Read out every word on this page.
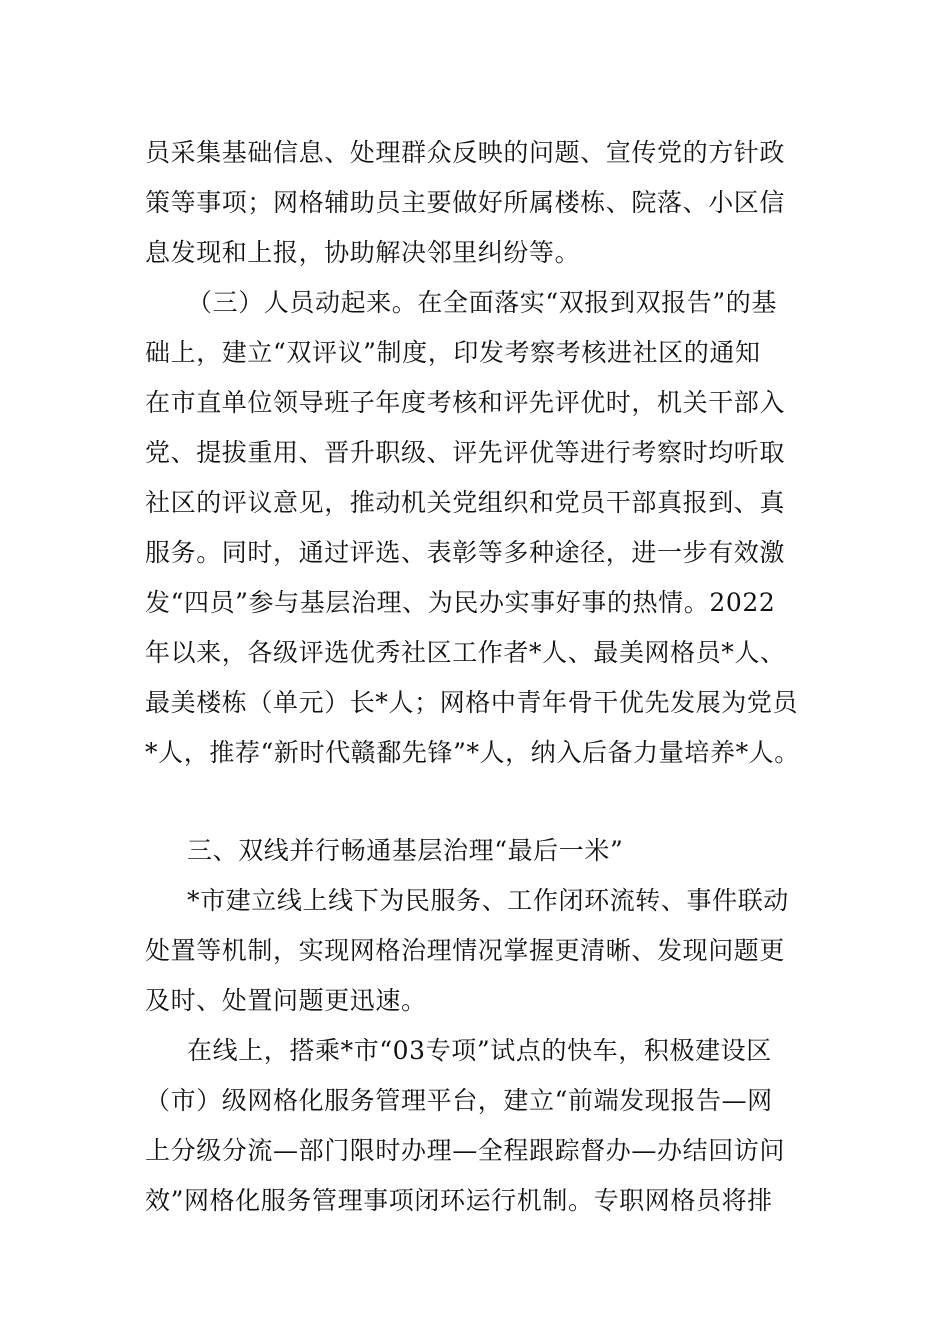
员采集基础信息、处理群众反映的问题、宣传党的方针政
策等事项；网格辅助员主要做好所属楼栋、院落、小区信
息发现和上报，协助解决邻里纠纷等。
（三）人员动起来。在全面落实“双报到双报告”的基
础上，建立“双评议”制度，印发考察考核进社区的通知
在市直单位领导班子年度考核和评先评优时，机关干部入
党、提拔重用、晋升职级、评先评优等进行考察时均听取
社区的评议意见，推动机关党组织和党员干部真报到、真
服务。同时，通过评选、表彰等多种途径，进一步有效激
发“四员”参与基层治理、为民办实事好事的热情。2022
年以来，各级评选优秀社区工作者*人、最美网格员*人、
最美楼栋（单元）长*人；网格中青年骨干优先发展为党员
*人，推荐“新时代赣鄱先锋”*人，纳入后备力量培养*人。
三、双线并行畅通基层治理“最后一米”
*市建立线上线下为民服务、工作闭环流转、事件联动
处置等机制，实现网格治理情况掌握更清晰、发现问题更
及时、处置问题更迅速。
在线上，搭乘*市“03专项”试点的快车，积极建设区
（市）级网格化服务管理平台，建立“前端发现报告—网
上分级分流—部门限时办理—全程跟踪督办—办结回访问
效”网格化服务管理事项闭环运行机制。专职网格员将排
